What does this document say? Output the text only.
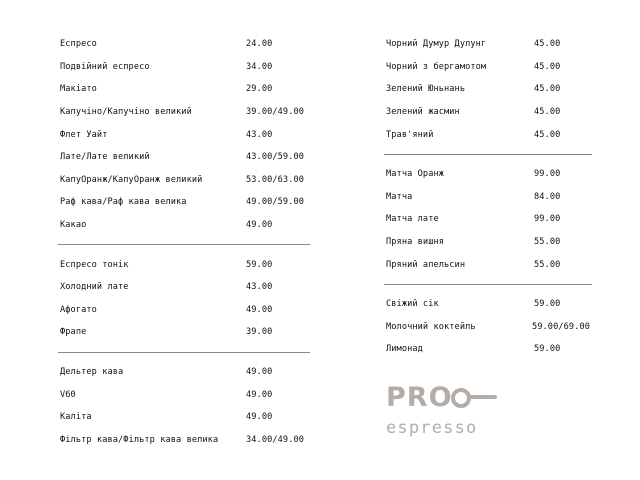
Еспресо	24.00
Подвійний еспресо	34.00
Макіато	29.00
Капучіно/Капучіно великий	39.00/49.00
Флет Уайт	43.00
Лате/Лате великий	43.00/59.00
КапуОранж/КапуОранж великий	53.00/63.00
Раф кава/Раф кава велика	49.00/59.00
Какао	49.00
Еспресо тонік	59.00
Холодний лате	43.00
Афогато	49.00
Фрапе	39.00
Дельтер кава	49.00
V60	49.00
Каліта	49.00
Фільтр кава/Фільтр кава велика	34.00/49.00
Чорний Думур Дулунг	45.00
Чорний з бергамотом	45.00
Зелений Юньнань	45.00
Зелений жасмин	45.00
Трав'яний	45.00
Матча Оранж	99.00
Матча	84.00
Матча лате	99.00
Пряна вишня	55.00
Пряний апельсин	55.00
Свіжий сік	59.00
Молочний коктейль	59.00/69.00
Лимонад	59.00
PRO
espresso
